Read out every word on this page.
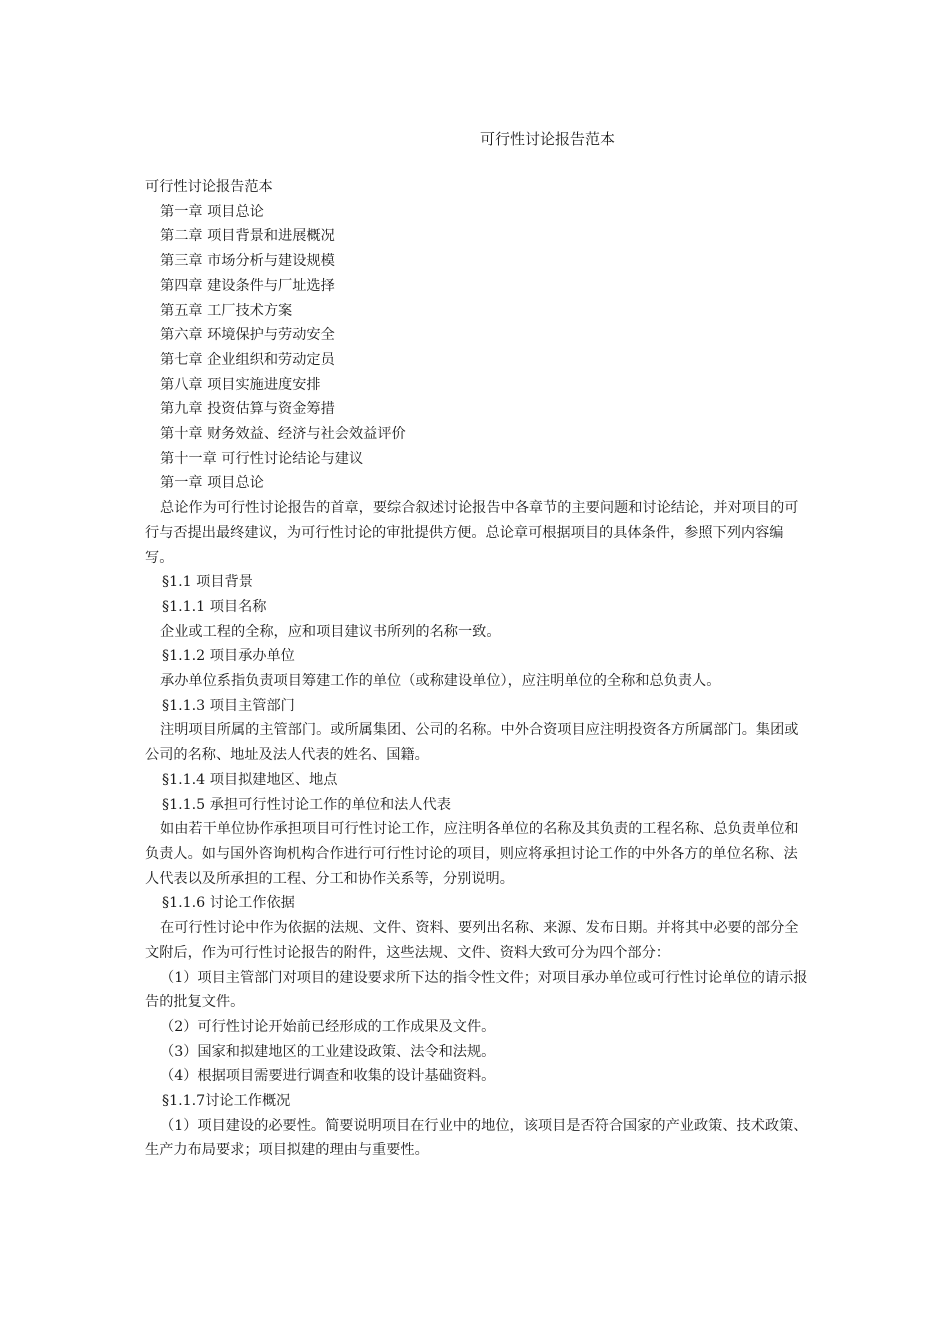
可行性讨论报告范本
可行性讨论报告范本
第一章 项目总论
第二章 项目背景和进展概况
第三章 市场分析与建设规模
第四章 建设条件与厂址选择
第五章 工厂技术方案
第六章 环境保护与劳动安全
第七章 企业组织和劳动定员
第八章 项目实施进度安排
第九章 投资估算与资金筹措
第十章 财务效益、经济与社会效益评价
第十一章 可行性讨论结论与建议
第一章 项目总论
总论作为可行性讨论报告的首章，要综合叙述讨论报告中各章节的主要问题和讨论结论，并对项目的可行与否提出最终建议，为可行性讨论的审批提供方便。总论章可根据项目的具体条件，参照下列内容编写。
§1.1 项目背景
§1.1.1 项目名称
企业或工程的全称，应和项目建议书所列的名称一致。
§1.1.2 项目承办单位
承办单位系指负责项目筹建工作的单位（或称建设单位），应注明单位的全称和总负责人。
§1.1.3 项目主管部门
注明项目所属的主管部门。或所属集团、公司的名称。中外合资项目应注明投资各方所属部门。集团或公司的名称、地址及法人代表的姓名、国籍。
§1.1.4 项目拟建地区、地点
§1.1.5 承担可行性讨论工作的单位和法人代表
如由若干单位协作承担项目可行性讨论工作，应注明各单位的名称及其负责的工程名称、总负责单位和负责人。如与国外咨询机构合作进行可行性讨论的项目，则应将承担讨论工作的中外各方的单位名称、法人代表以及所承担的工程、分工和协作关系等，分别说明。
§1.1.6 讨论工作依据
在可行性讨论中作为依据的法规、文件、资料、要列出名称、来源、发布日期。并将其中必要的部分全文附后，作为可行性讨论报告的附件，这些法规、文件、资料大致可分为四个部分：
（1）项目主管部门对项目的建设要求所下达的指令性文件；对项目承办单位或可行性讨论单位的请示报告的批复文件。
（2）可行性讨论开始前已经形成的工作成果及文件。
（3）国家和拟建地区的工业建设政策、法令和法规。
（4）根据项目需要进行调查和收集的设计基础资料。
§1.1.7讨论工作概况
（1）项目建设的必要性。简要说明项目在行业中的地位，该项目是否符合国家的产业政策、技术政策、生产力布局要求；项目拟建的理由与重要性。
